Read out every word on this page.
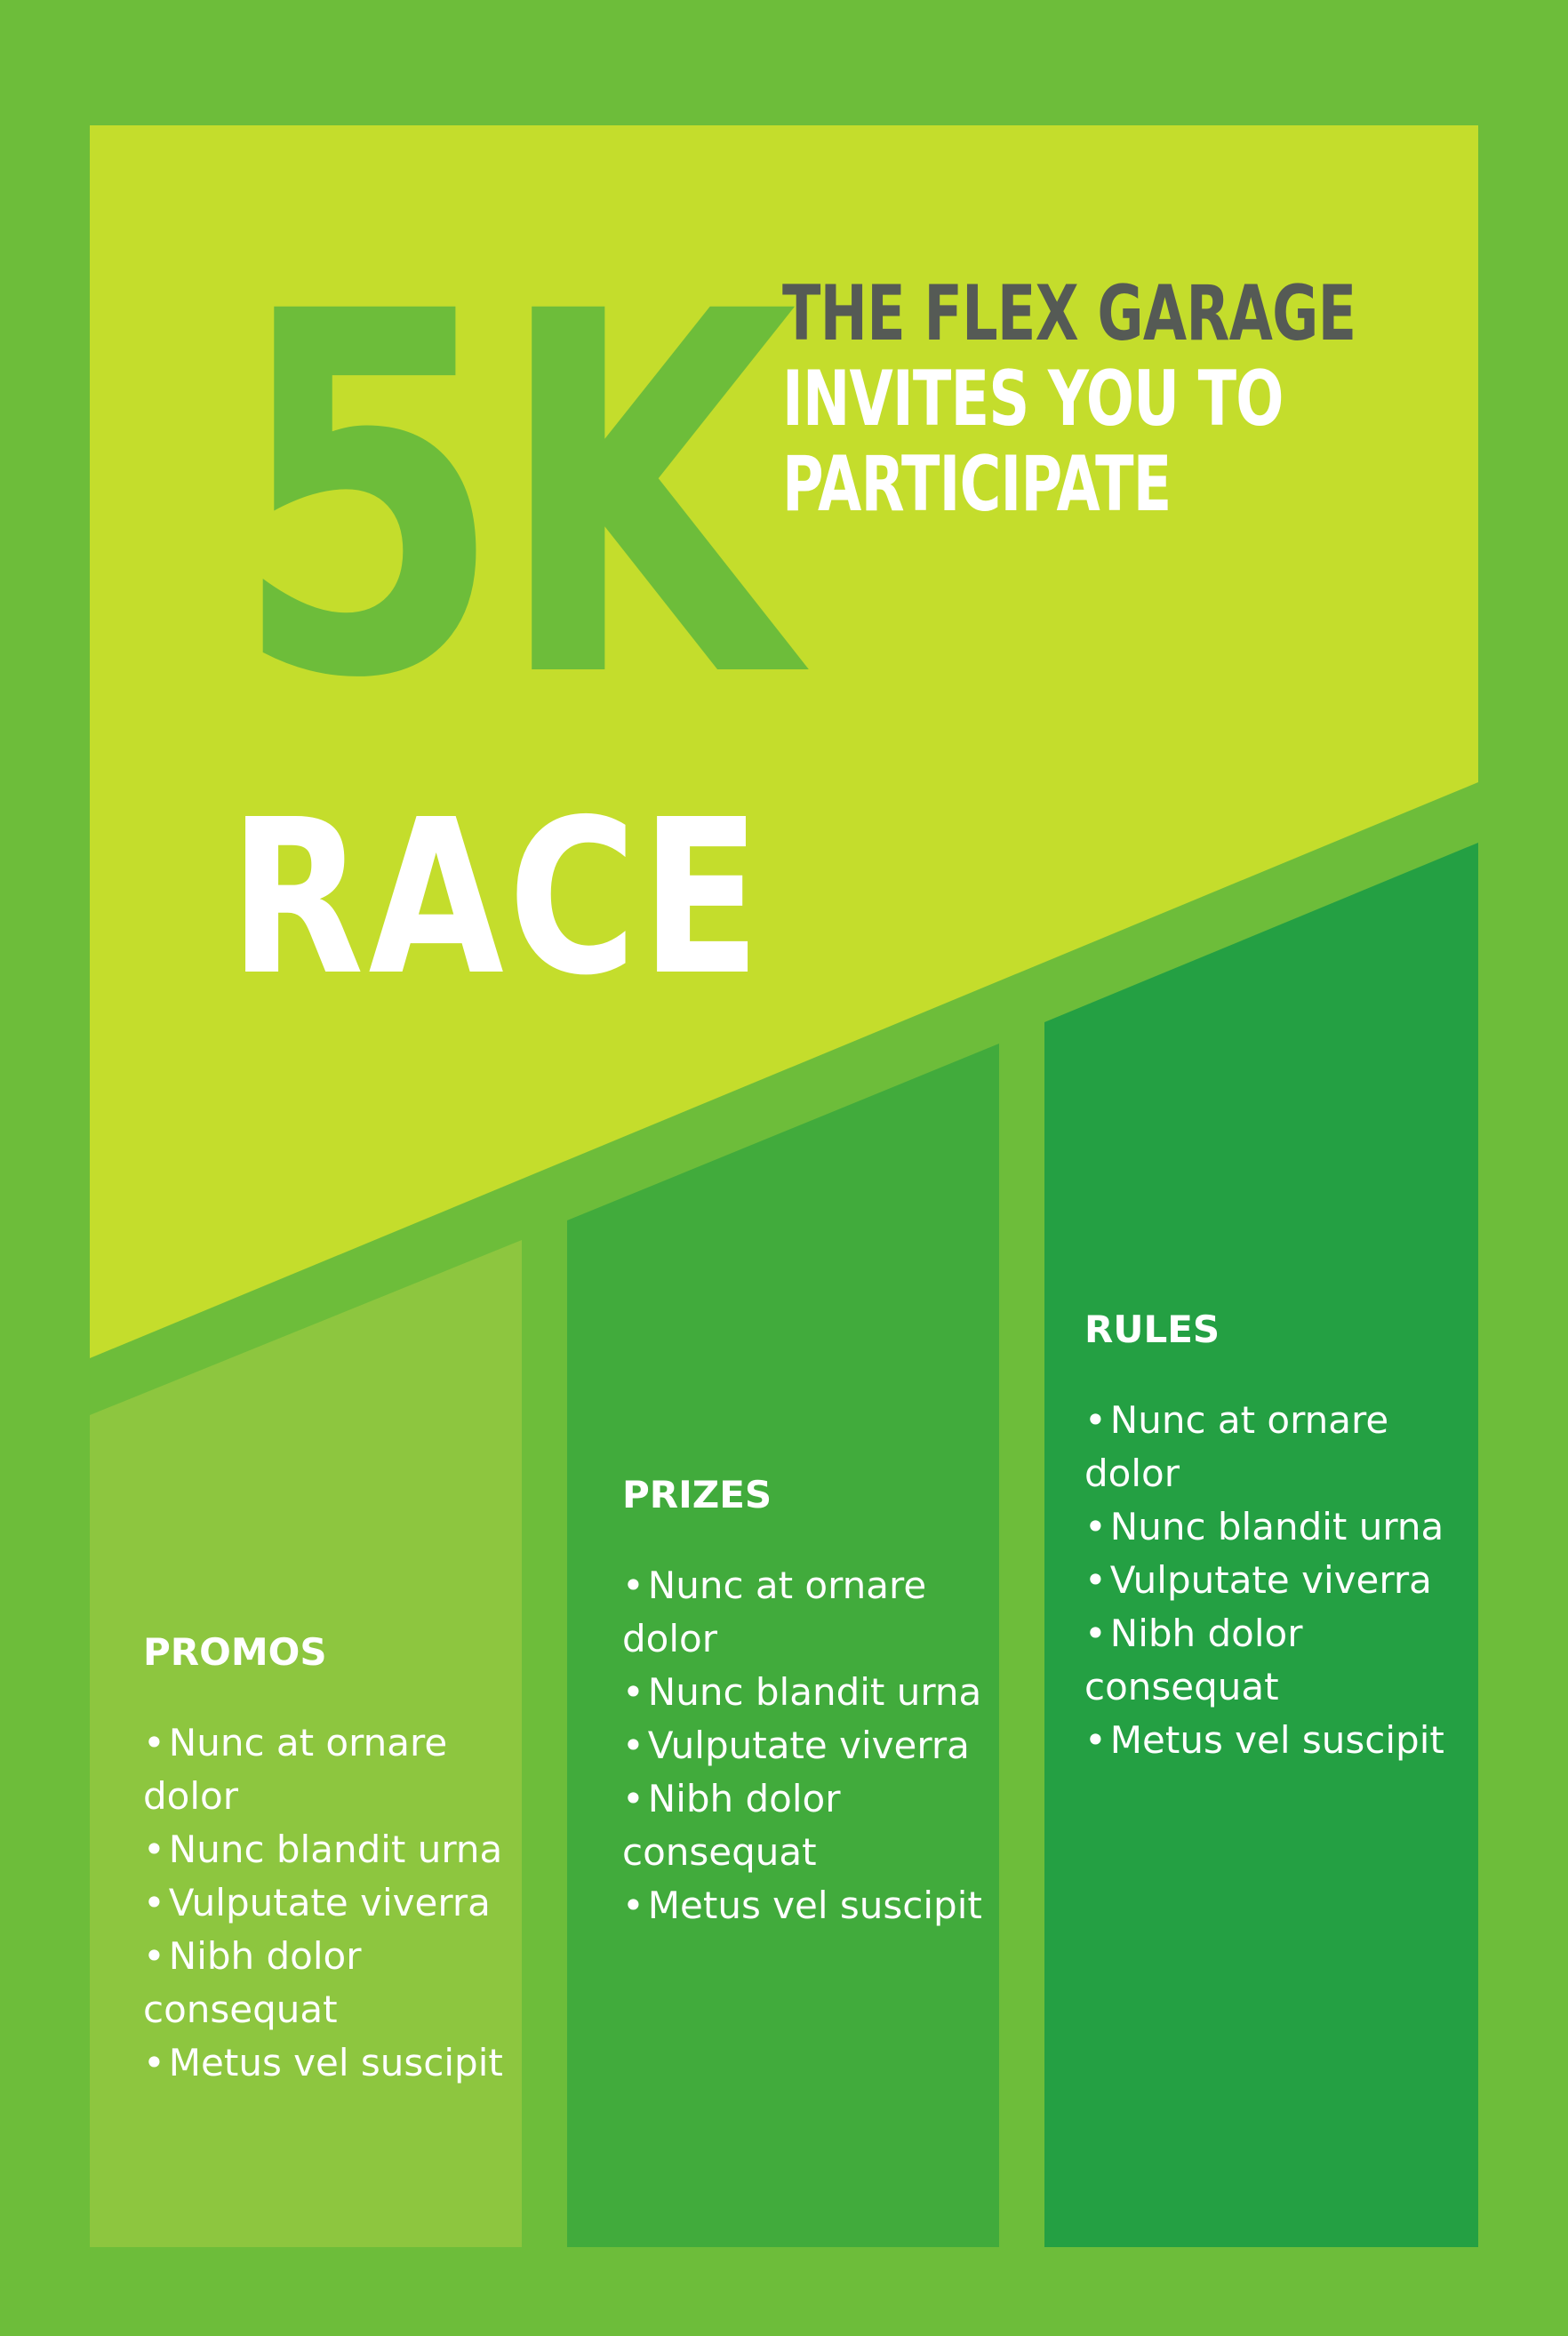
5K

THE FLEX GARAGE

INVITES YOU TO

PARTICIPATE

RACE
PROMOS
•Nunc at ornare dolor
•Nunc blandit urna
•Vulputate viverra
•Nibh dolor consequat
•Metus vel suscipit
PRIZES
•Nunc at ornare dolor
•Nunc blandit urna
•Vulputate viverra
•Nibh dolor consequat
•Metus vel suscipit
RULES
•Nunc at ornare dolor
•Nunc blandit urna
•Vulputate viverra
•Nibh dolor consequat
•Metus vel suscipit
